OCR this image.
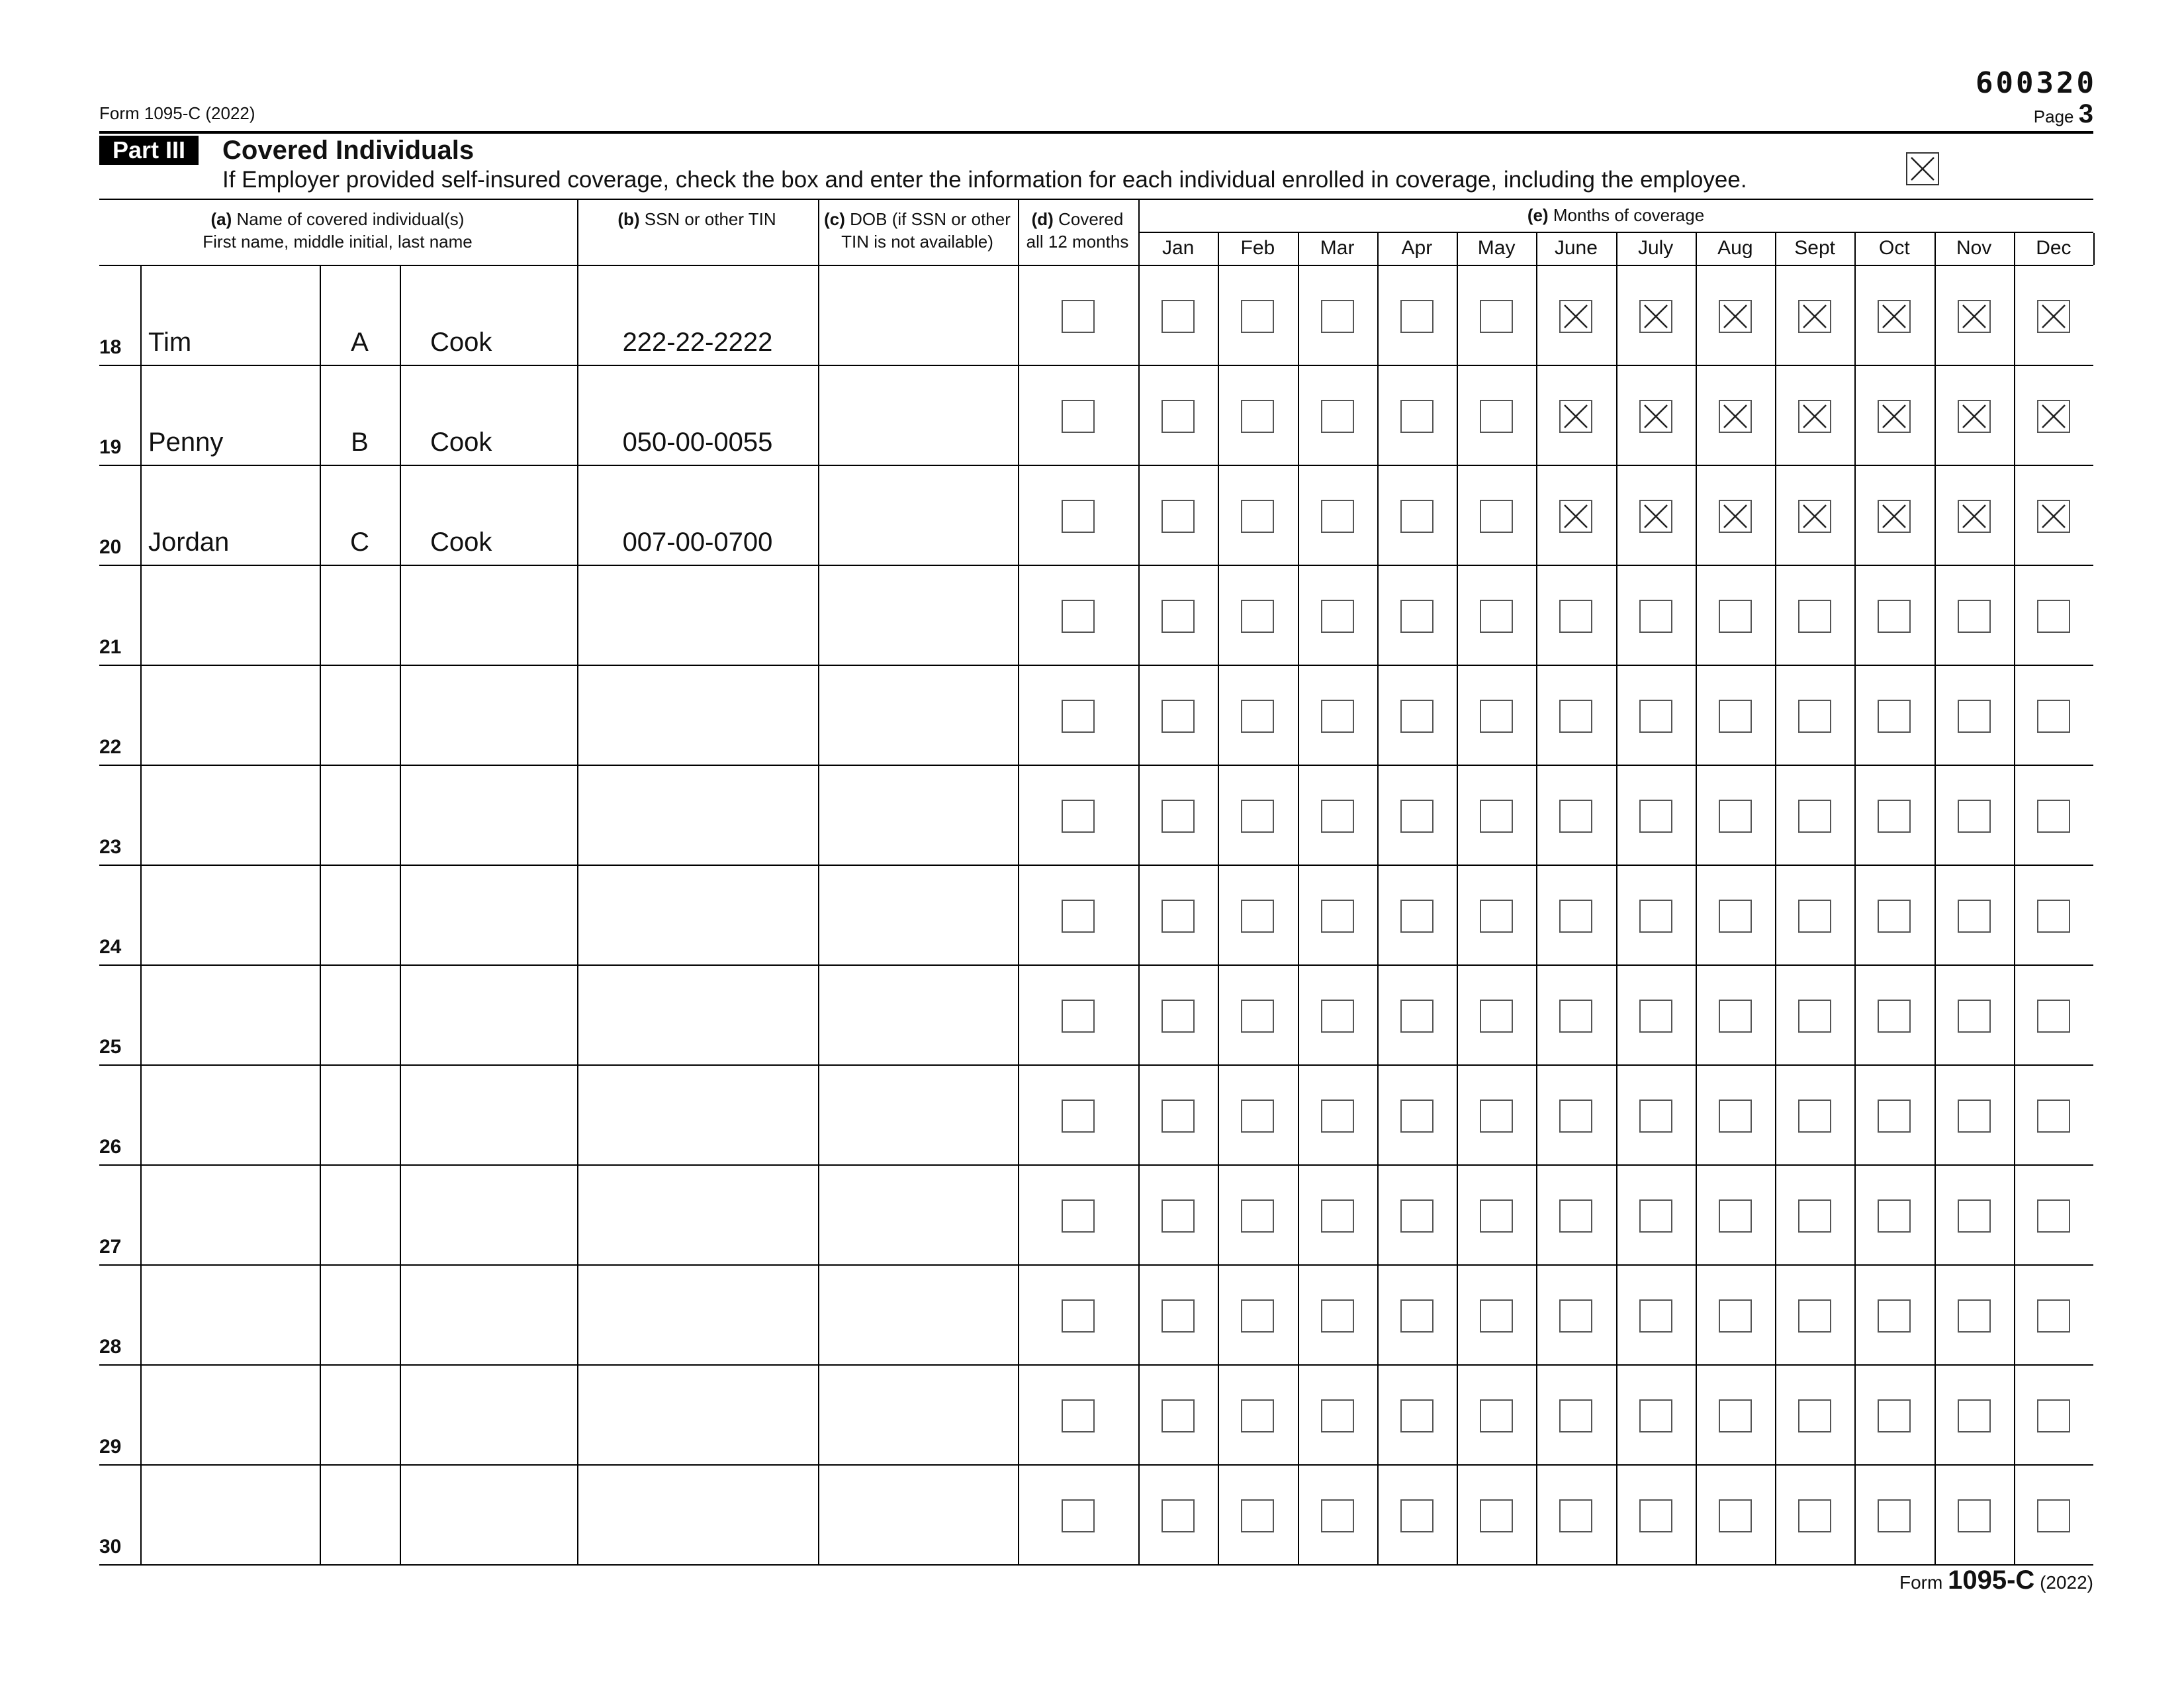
600320
Form 1095-C (2022)	Page 3
Part III	Covered Individuals
If Employer provided self-insured coverage, check the box and enter the information for each individual enrolled in coverage, including the employee.
(a) Name of covered individual(s)
First name, middle initial, last name
(b) SSN or other TIN	(c) DOB (if SSN or other
TIN is not available)
(d) Covered
all 12 months
(e) Months of coverage
Jan	Feb	Mar	Apr	May	June	July	Aug	Sept	Oct	Nov	Dec
18 Tim	A	Cook	222-22-2222
19 Penny	B	Cook	050-00-0055
20 Jordan	C	Cook	007-00-0700
21
22
23
24
25
26
27
28
29
30
Form 1095-C (2022)
